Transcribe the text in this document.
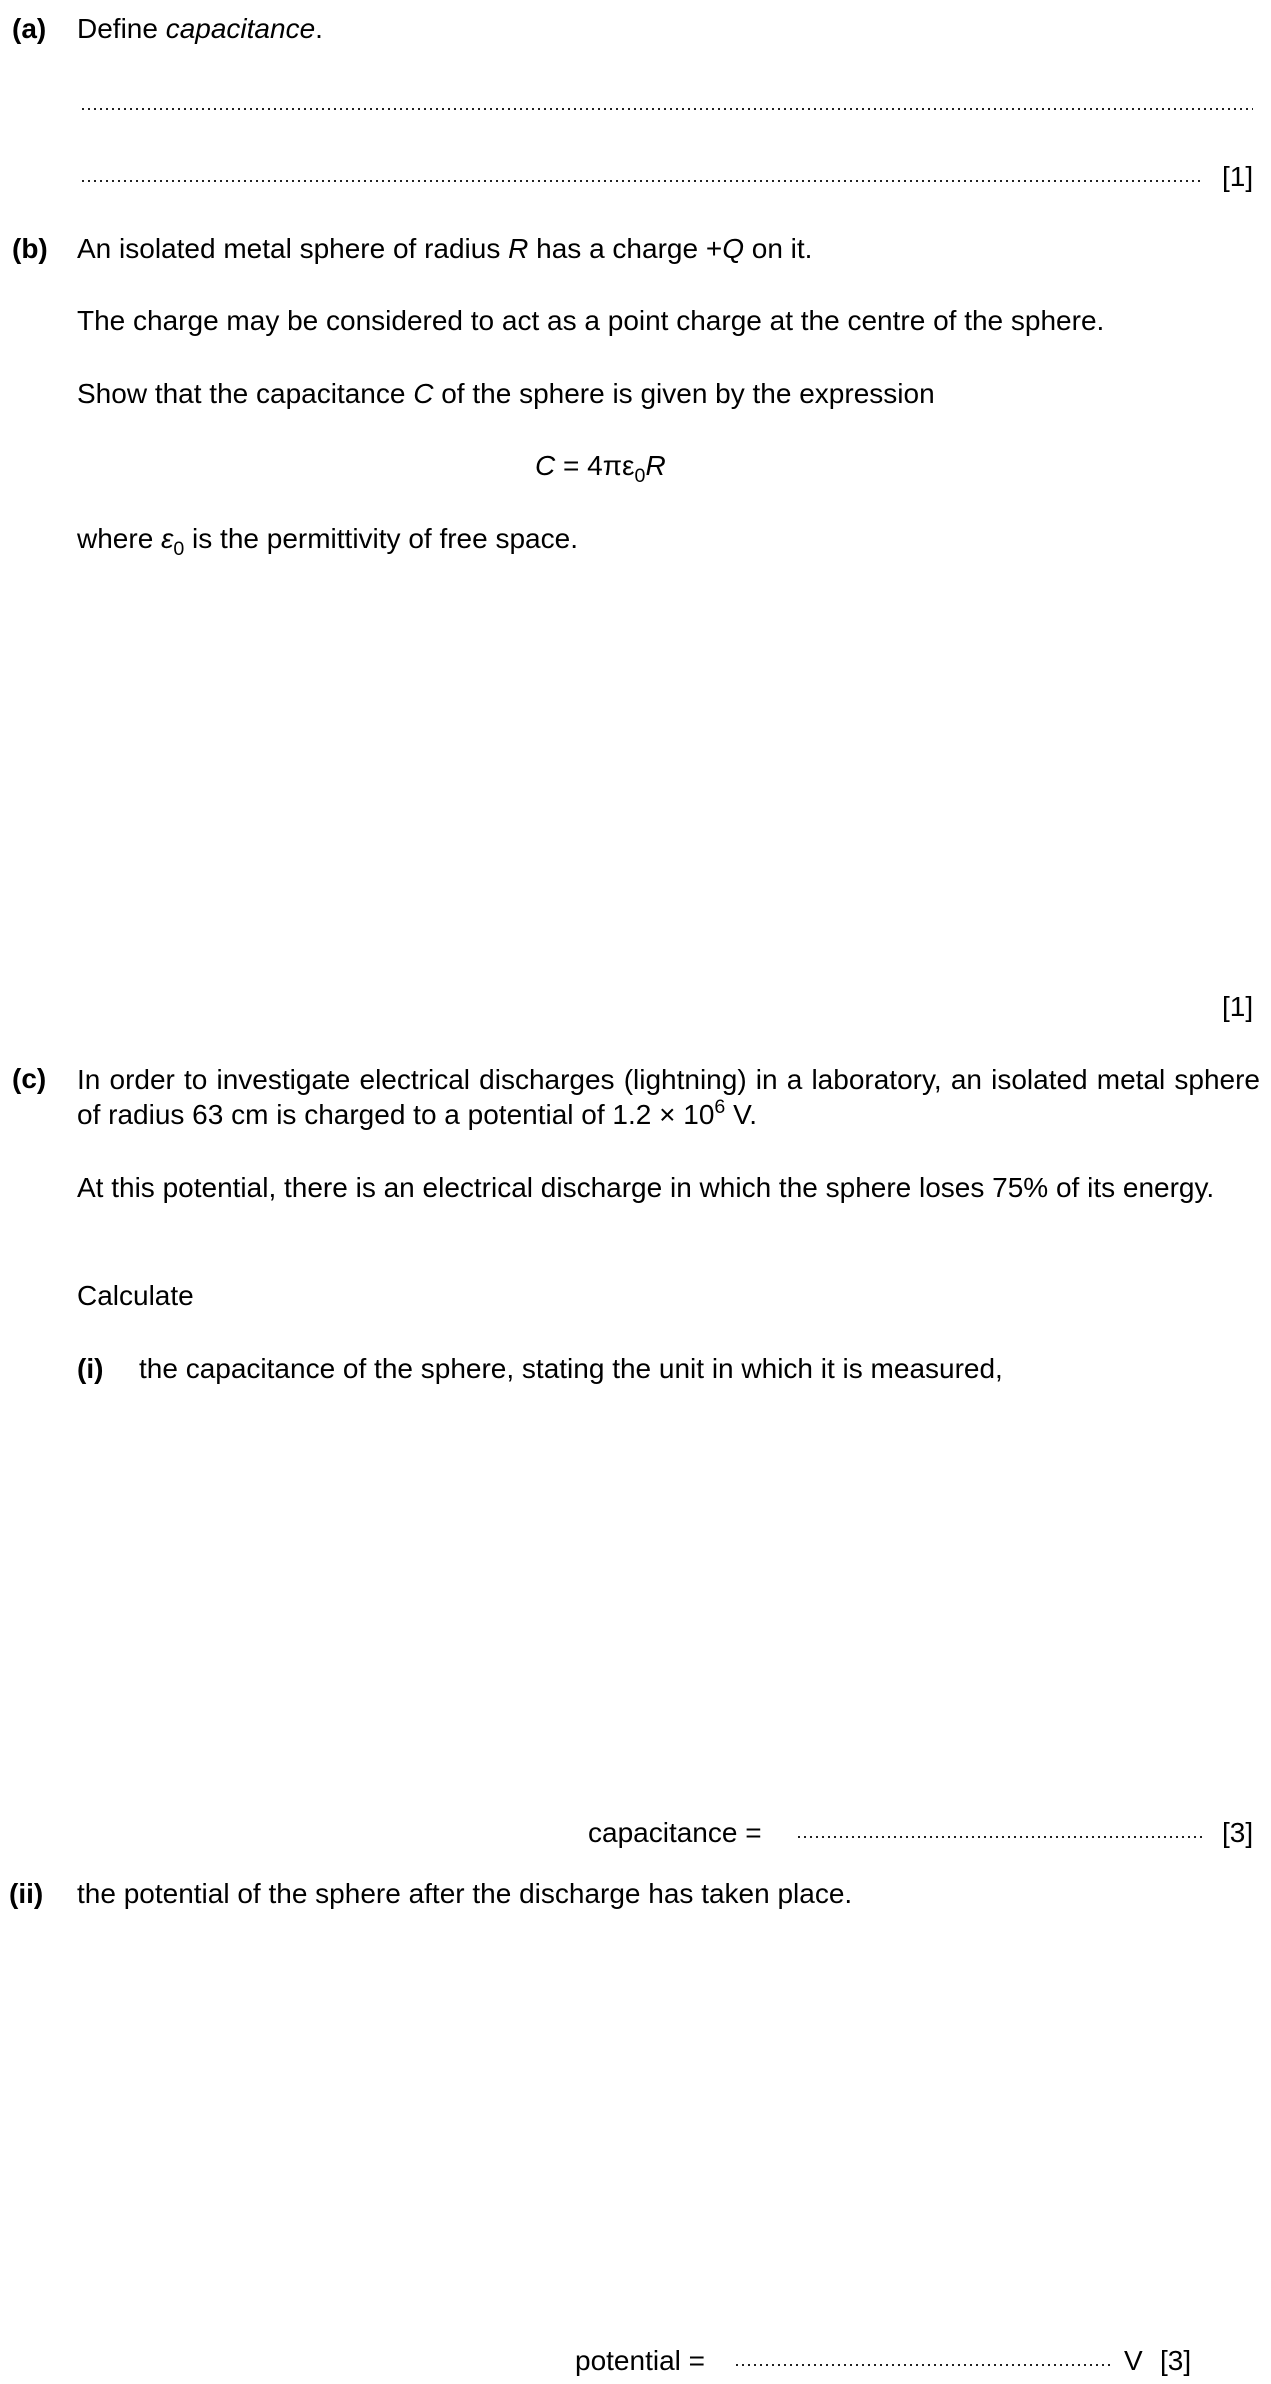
(a) Define capacitance.
[1]
(b) An isolated metal sphere of radius R has a charge +Q on it.
The charge may be considered to act as a point charge at the centre of the sphere.
Show that the capacitance C of the sphere is given by the expression
$C = 4\pi\varepsilon_0R$
where $\varepsilon_0$ is the permittivity of free space.
[1]
(c) In order to investigate electrical discharges (lightning) in a laboratory, an isolated metal sphere of radius 63 cm is charged to a potential of $1.2 \times 10^6$ V.
At this potential, there is an electrical discharge in which the sphere loses 75% of its energy.
Calculate
(i) the capacitance of the sphere, stating the unit in which it is measured,
capacitance =	[3]
(ii) the potential of the sphere after the discharge has taken place.
potential =	V [3]
